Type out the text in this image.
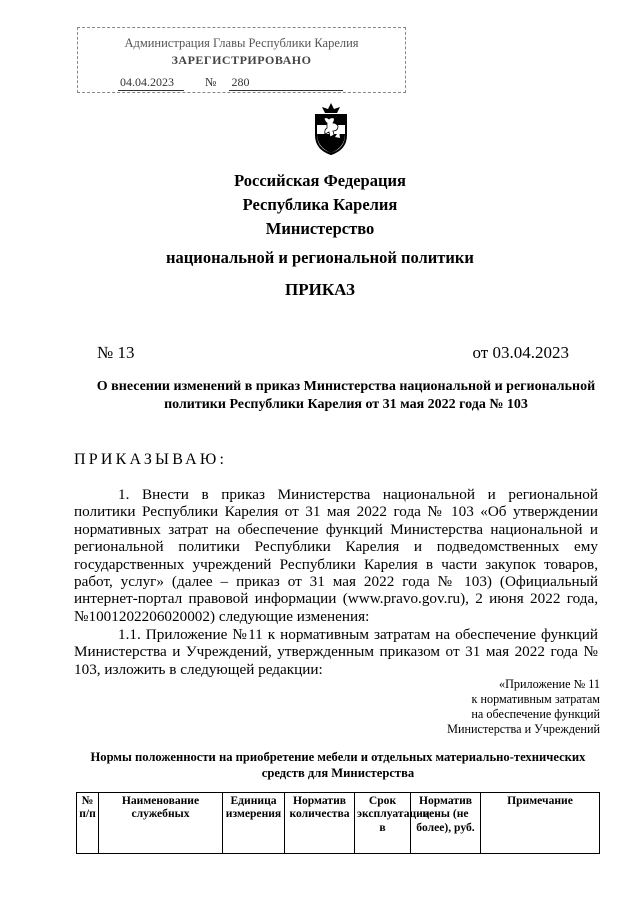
Администрация Главы Республики Карелия
ЗАРЕГИСТРИРОВАНО
04.04.2023	№ 280
Российская Федерация
Республика Карелия
Министерство
национальной и региональной политики
ПРИКАЗ
№ 13	от 03.04.2023
О внесении изменений в приказ Министерства национальной и региональной
политики Республики Карелия от 31 мая 2022 года № 103
ПРИКАЗЫВАЮ:

1. Внести в приказ Министерства национальной и региональной политики Республики Карелия от 31 мая 2022 года № 103 «Об утверждении нормативных затрат на обеспечение функций Министерства национальной и региональной политики Республики Карелия и подведомственных ему государственных учреждений Республики Карелия в части закупок товаров, работ, услуг» (далее – приказ от 31 мая 2022 года № 103) (Официальный интернет-портал правовой информации (www.pravo.gov.ru), 2 июня 2022 года, №1001202206020002) следующие изменения:

1.1. Приложение №11 к нормативным затратам на обеспечение функций Министерства и Учреждений, утвержденным приказом от 31 мая 2022 года № 103, изложить в следующей редакции:

«Приложение № 11
к нормативным затратам
на обеспечение функций
Министерства и Учреждений
Нормы положенности на приобретение мебели и отдельных материально-технических
средств для Министерства
№ п/п	Наименование служебных	Единица измерения	Норматив количества	Срок эксплуатации в	Норматив цены (не более), руб.	Примечание
